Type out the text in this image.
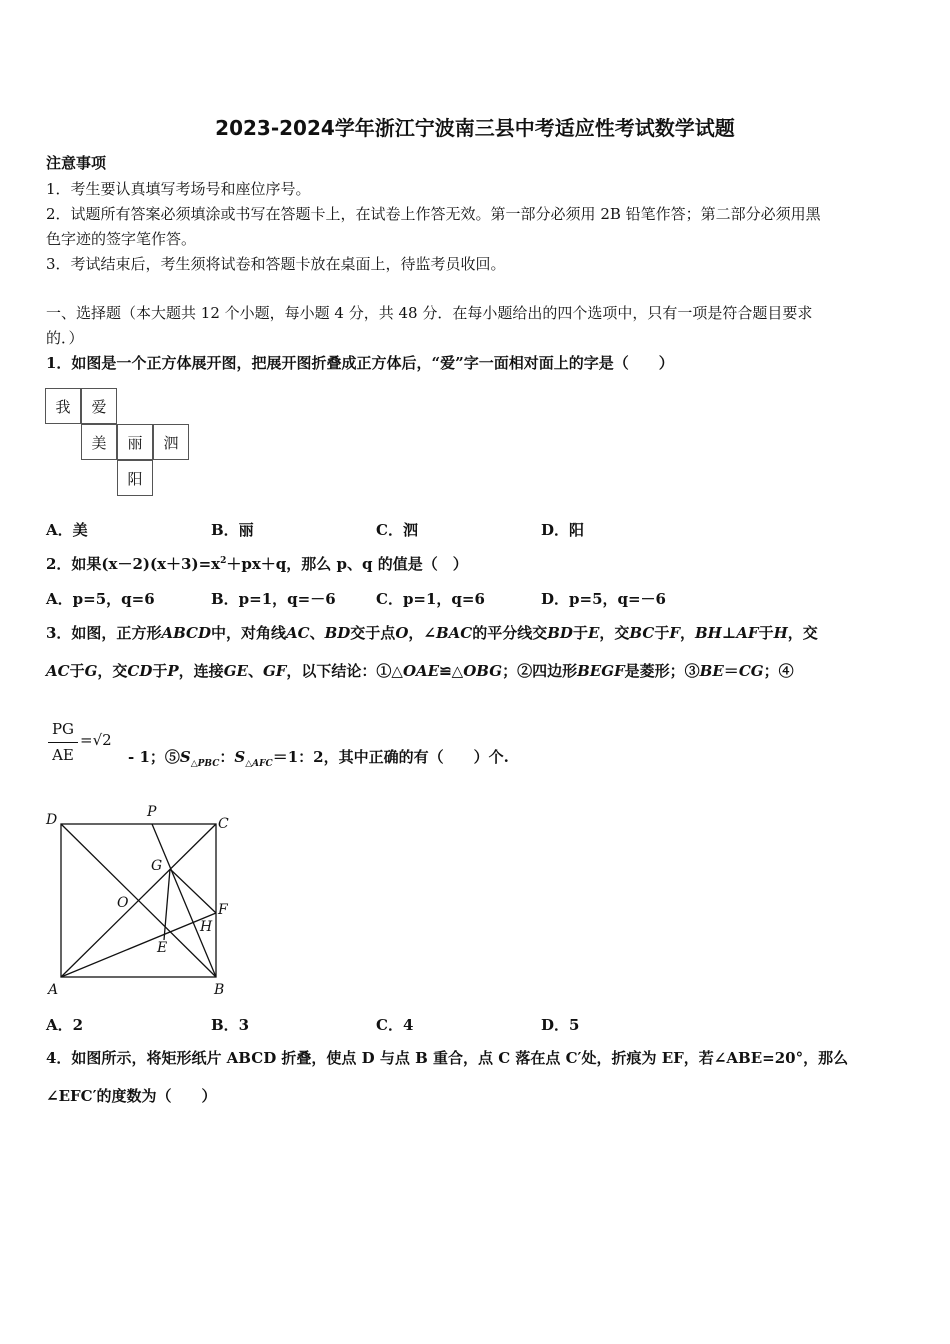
2023-2024学年浙江宁波南三县中考适应性考试数学试题
注意事项
1．考生要认真填写考场号和座位序号。
2．试题所有答案必须填涂或书写在答题卡上，在试卷上作答无效。第一部分必须用 2B 铅笔作答；第二部分必须用黑
色字迹的签字笔作答。
3．考试结束后，考生须将试卷和答题卡放在桌面上，待监考员收回。
一、选择题（本大题共 12 个小题，每小题 4 分，共 48 分．在每小题给出的四个选项中，只有一项是符合题目要求
的．）
1．如图是一个正方体展开图，把展开图折叠成正方体后，“爱”字一面相对面上的字是（　　）
我	爱
美	丽	泗
阳
A．美	B．丽	C．泗	D．阳
2．如果$(x-2)(x+3)=x^2+px+q$，那么 p、q 的值是（　）
A．p=5，q=6	B．p=1，q=－6	C．p=1，q=6	D．p=5，q=－6
3．如图，正方形ABCD中，对角线AC、BD交于点O，∠BAC的平分线交BD于E，交BC于F，BH⊥AF于H，交
AC于G，交CD于P，连接GE、GF，以下结论：①△OAE≌△OBG；②四边形BEGF是菱形；③BE＝CG；④
PG
AE
=√2
- 1；$⑤S_{\triangle PBC}$：$S_{\triangle AFC}=1$：2，其中正确的有（　　）个.
D	P
C
G
O	F
H
E
A	B
A．2	B．3	C．4	D．5
4．如图所示，将矩形纸片 ABCD 折叠，使点 D 与点 B 重合，点 C 落在点 C′处，折痕为 EF，若∠ABE=20°，那么
∠EFC′的度数为（　　）
